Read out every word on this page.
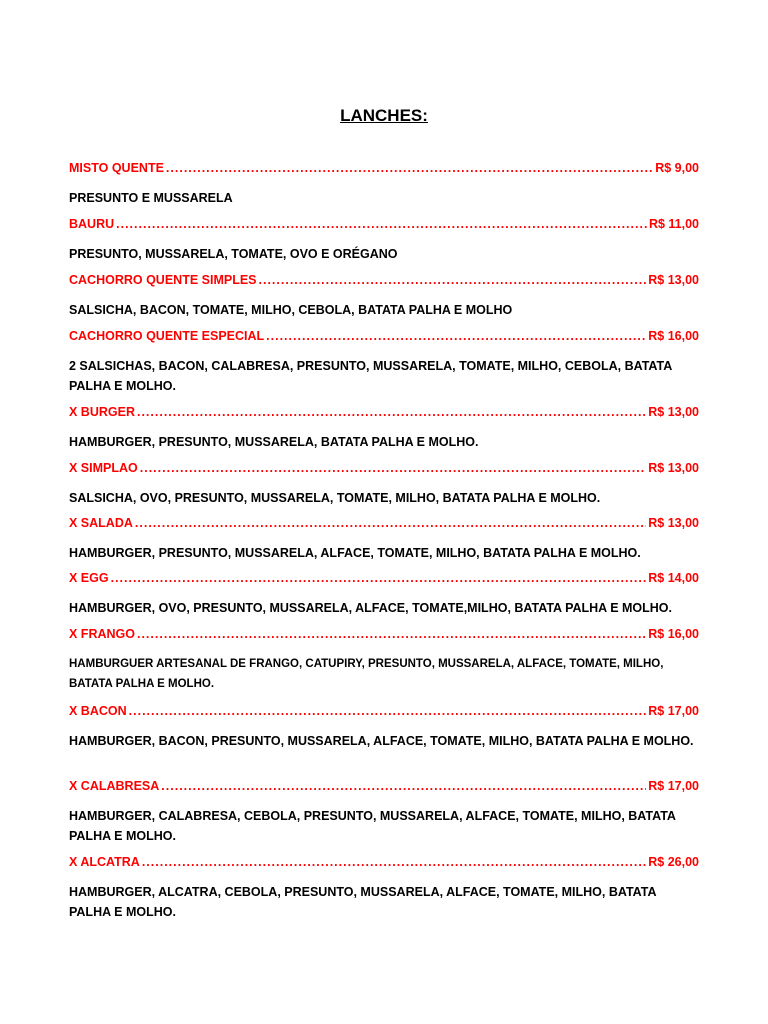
LANCHES:
MISTO QUENTE .....	R$ 9,00
PRESUNTO E MUSSARELA
BAURU .....	R$ 11,00
PRESUNTO, MUSSARELA, TOMATE, OVO E ORÉGANO
CACHORRO QUENTE SIMPLES .....	R$ 13,00
SALSICHA, BACON, TOMATE, MILHO, CEBOLA, BATATA PALHA E MOLHO
CACHORRO QUENTE ESPECIAL .....	R$ 16,00
2 SALSICHAS, BACON, CALABRESA, PRESUNTO, MUSSARELA, TOMATE, MILHO, CEBOLA, BATATA PALHA E MOLHO.
X BURGER .....	R$ 13,00
HAMBURGER, PRESUNTO, MUSSARELA, BATATA PALHA E MOLHO.
X SIMPLAO .....	R$ 13,00
SALSICHA, OVO, PRESUNTO, MUSSARELA, TOMATE, MILHO, BATATA PALHA E MOLHO.
X SALADA .....	R$ 13,00
HAMBURGER, PRESUNTO, MUSSARELA, ALFACE, TOMATE, MILHO, BATATA PALHA E MOLHO.
X EGG .....	R$ 14,00
HAMBURGER, OVO, PRESUNTO, MUSSARELA, ALFACE, TOMATE,MILHO, BATATA PALHA E MOLHO.
X FRANGO .....	R$ 16,00
HAMBURGUER ARTESANAL DE FRANGO, CATUPIRY, PRESUNTO, MUSSARELA, ALFACE, TOMATE, MILHO, BATATA PALHA E MOLHO.
X BACON .....	R$ 17,00
HAMBURGER, BACON, PRESUNTO, MUSSARELA, ALFACE, TOMATE, MILHO, BATATA PALHA E MOLHO.
X CALABRESA .....	R$ 17,00
HAMBURGER, CALABRESA, CEBOLA, PRESUNTO, MUSSARELA, ALFACE, TOMATE, MILHO, BATATA PALHA E MOLHO.
X ALCATRA .....	R$ 26,00
HAMBURGER, ALCATRA, CEBOLA, PRESUNTO, MUSSARELA, ALFACE, TOMATE, MILHO, BATATA PALHA E MOLHO.
